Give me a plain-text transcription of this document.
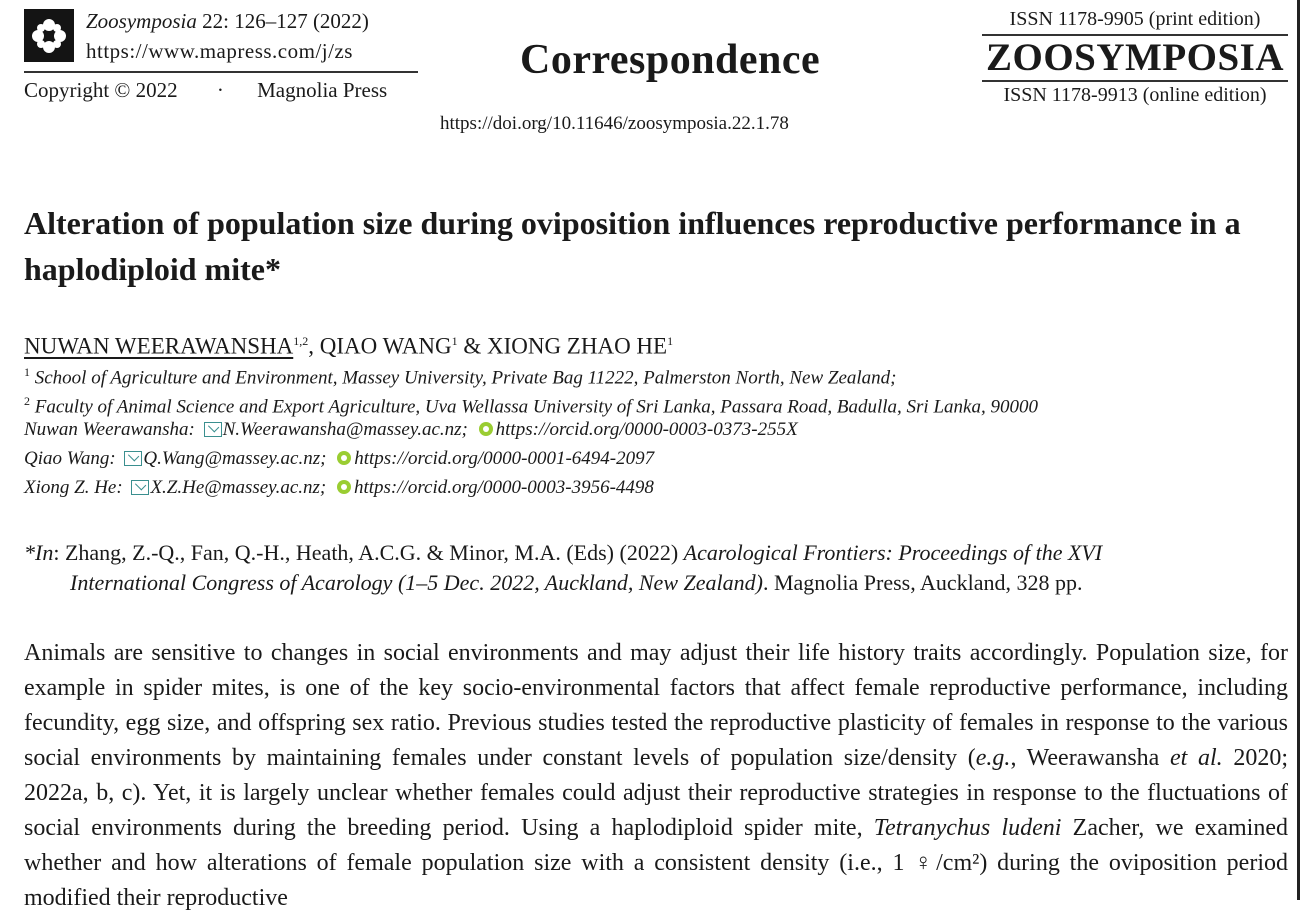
Zoosymposia 22: 126–127 (2022)
https://www.mapress.com/j/zs
Copyright © 2022 · Magnolia Press
Correspondence
https://doi.org/10.11646/zoosymposia.22.1.78
ISSN 1178-9905 (print edition)
ZOOSYMPOSIA
ISSN 1178-9913 (online edition)
Alteration of population size during oviposition influences reproductive performance in a haplodiploid mite*
NUWAN WEERAWANSHA$^{1,2}$, QIAO WANG$^1$ & XIONG ZHAO $HE^1$
$^1$ School of Agriculture and Environment, Massey University, Private Bag 11222, Palmerston North, New Zealand;
$^2$ Faculty of Animal Science and Export Agriculture, Uva Wellassa University of Sri Lanka, Passara Road, Badulla, Sri Lanka, 90000
Nuwan Weerawansha: N.Weerawansha@massey.ac.nz; https://orcid.org/0000-0003-0373-255X
Qiao Wang: Q.Wang@massey.ac.nz; https://orcid.org/0000-0001-6494-2097
Xiong Z. He: X.Z.He@massey.ac.nz; https://orcid.org/0000-0003-3956-4498
*In: Zhang, Z.-Q., Fan, Q.-H., Heath, A.C.G. & Minor, M.A. (Eds) (2022) Acarological Frontiers: Proceedings of the XVI
International Congress of Acarology (1–5 Dec. 2022, Auckland, New Zealand). Magnolia Press, Auckland, 328 pp.
Animals are sensitive to changes in social environments and may adjust their life history traits accordingly. Population size, for example in spider mites, is one of the key socio-environmental factors that affect female reproductive performance, including fecundity, egg size, and offspring sex ratio. Previous studies tested the reproductive plasticity of females in response to the various social environments by maintaining females under constant levels of population size/density (e.g., Weerawansha et al. 2020; 2022a, b, c). Yet, it is largely unclear whether females could adjust their reproductive strategies in response to the fluctuations of social environments during the breeding period. Using a haplodiploid spider mite, Tetranychus ludeni Zacher, we examined whether and how alterations of female population size with a consistent density (i.e., 1 ♀/cm²) during the oviposition period modified their reproductive
